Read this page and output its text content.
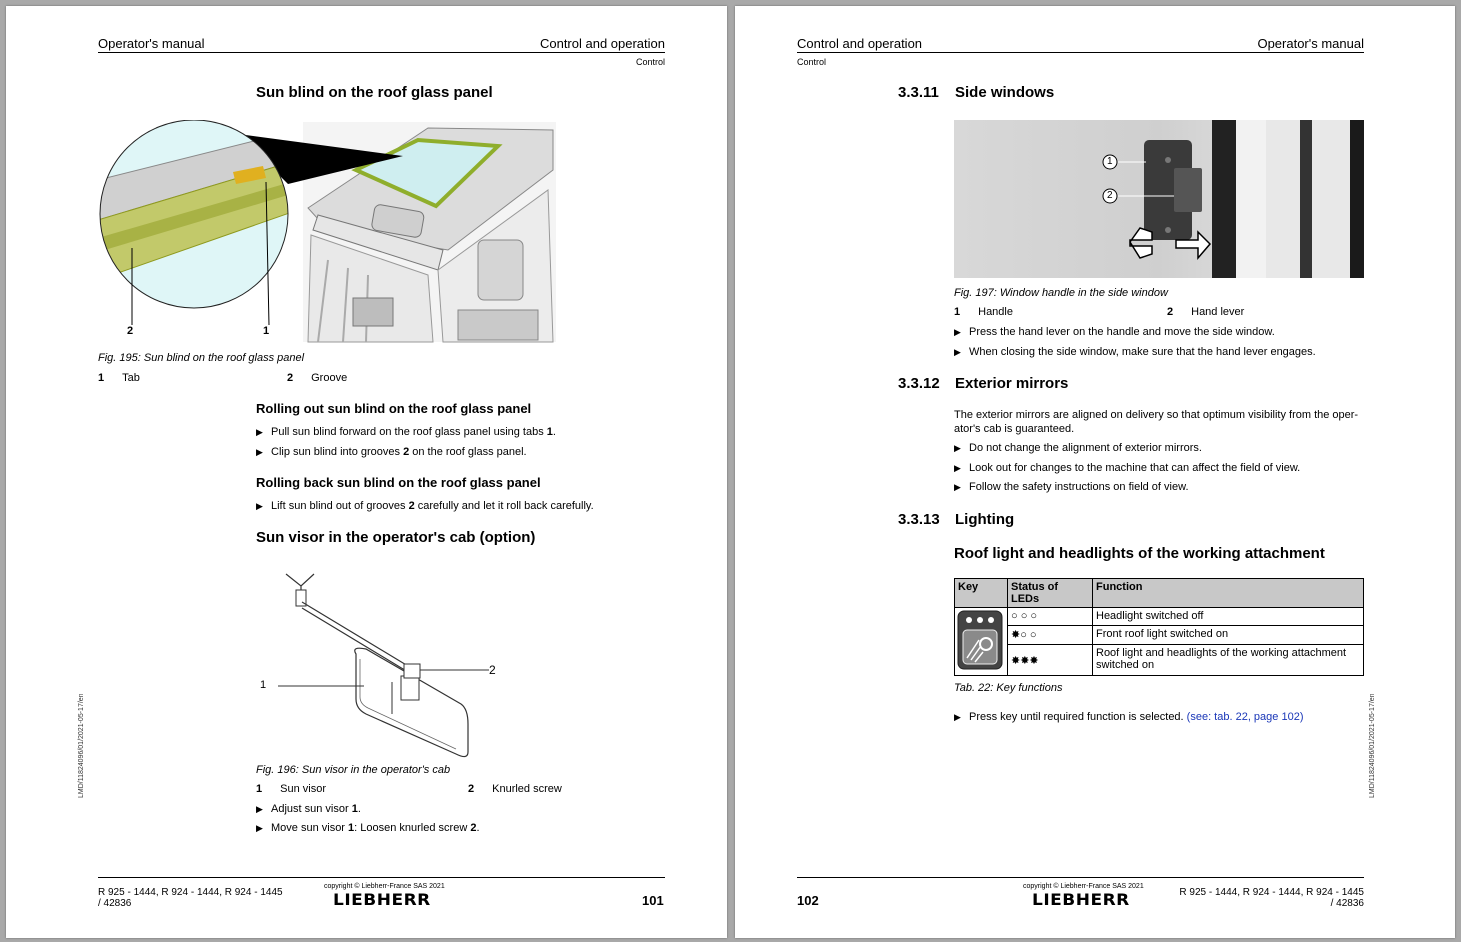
Operator's manual	Control and operation
Control
LMD/11824096/01/2021-05-17/en
Sun blind on the roof glass panel
2	1
Fig. 195: Sun blind on the roof glass panel
1 Tab	2 Groove
Rolling out sun blind on the roof glass panel
▶ Pull sun blind forward on the roof glass panel using tabs 1.
▶ Clip sun blind into grooves 2 on the roof glass panel.
Rolling back sun blind on the roof glass panel
▶ Lift sun blind out of grooves 2 carefully and let it roll back carefully.
Sun visor in the operator's cab (option)
1
2
Fig. 196: Sun visor in the operator's cab
1 Sun visor	2 Knurled screw
▶ Adjust sun visor 1.
▶ Move sun visor 1: Loosen knurled screw 2.
R 925 - 1444, R 924 - 1444, R 924 - 1445
/ 42836
copyright © Liebherr-France SAS 2021
LIEBHERR	101
Control and operation	Operator's manual
Control
LMD/11824096/01/2021-05-17/en
3.3.11 Side windows
1
2
Fig. 197: Window handle in the side window
1 Handle	2 Hand lever
▶ Press the hand lever on the handle and move the side window.
▶ When closing the side window, make sure that the hand lever engages.
3.3.12 Exterior mirrors
The exterior mirrors are aligned on delivery so that optimum visibility from the oper-
ator's cab is guaranteed.
▶ Do not change the alignment of exterior mirrors.
▶ Look out for changes to the machine that can affect the field of view.
▶ Follow the safety instructions on field of view.
3.3.13 Lighting
Roof light and headlights of the working attachment
Key	Status of LEDs	Function
	○ ○ ○	Headlight switched off
	✸○ ○	Front roof light switched on
	✸✸✸	Roof light and headlights of the working attachment switched on
Tab. 22: Key functions
▶ Press key until required function is selected. (see: tab. 22, page 102)
102
copyright © Liebherr-France SAS 2021
LIEBHERR	R 925 - 1444, R 924 - 1444, R 924 - 1445
/ 42836
